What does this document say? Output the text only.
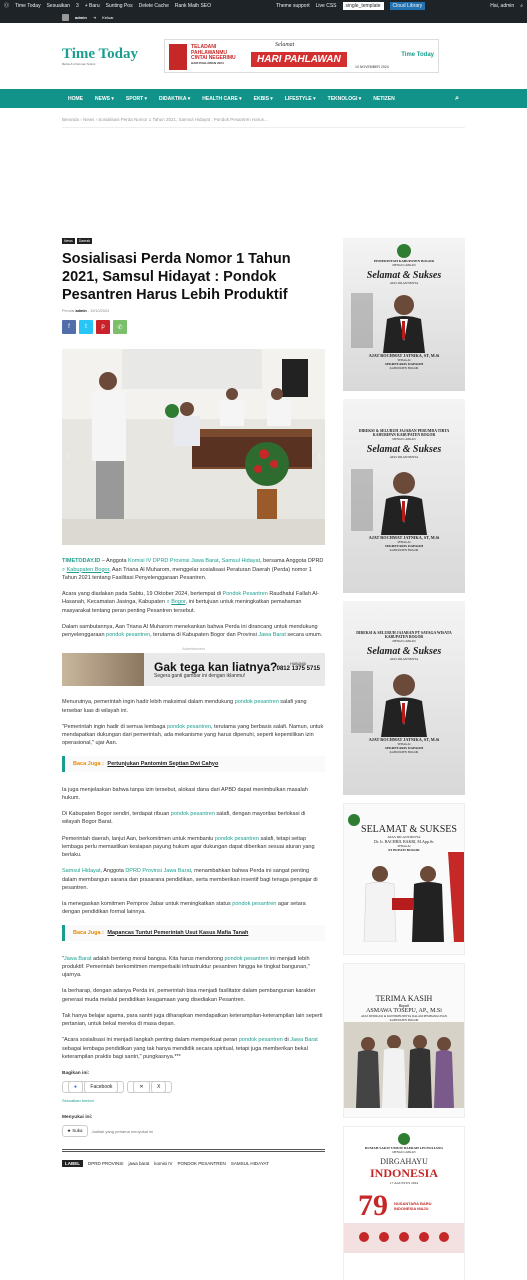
⓪ Time Today Sesuaikan 3 + Baru Sunting Pos Delete Cache Rank Math SEO	Theme support Live CSS	single_template	Cloud Library	Hai, admin ⌕
admin ⇥ Keluar
Time Today
Berita & Informasi Terkini
TELADANI PAHLAWANMU CINTAI NEGERIMU
HARI PAHLAWAN 2024
Selamat
HARI PAHLAWAN
10 NOVEMBER 2024
Time Today
HOME	NEWS ▾	SPORT ▾	DIDAKTIKA ▾	HEALTH CARE ▾	EKBIS ▾	LIFESTYLE ▾	TEKNOLOGI ▾	NETIZEN	⌕
Beranda › News › Sosialisasi Perda Nomor 1 Tahun 2021, Samsul Hidayat : Pondok Pesantren Harus...
News	Daerah
Sosialisasi Perda Nomor 1 Tahun 2021, Samsul Hidayat : Pondok Pesantren Harus Lebih Produktif
Penulis admin - 19/10/2024
f	t	p	✆
‹	›

TIMETODAY.ID – Anggota Komisi IV DPRD Provinsi Jawa Barat, Samsul Hidayat, bersama Anggota DPRD ⌕ Kabupaten Bogor, Aan Triana Al Muharom, menggelar sosialisasi Peraturan Daerah (Perda) nomor 1 Tahun 2021 tentang Fasilitasi Penyelenggaraan Pesantren.

Acara yang diadakan pada Sabtu, 19 Oktober 2024, bertempat di Pondok Pesantren Raudhatul Fallah Al-Hasanah, Kecamatan Jasinga, Kabupaten ⌕ Bogor, ini bertujuan untuk meningkatkan pemahaman masyarakat tentang peran penting Pesantren tersebut.

Dalam sambutannya, Aan Triana Al Muharom menekankan bahwa Perda ini dirancang untuk mendukung penyelenggaraan pondok pesantren, terutama di Kabupaten Bogor dan Provinsi Jawa Barat secara umum.

Advertisement
Gak tega kan liatnya?
Segera ganti gambar ini dengan iklanmu!
HUBUNGI
0812 1375 5715

Menurutnya, pemerintah ingin hadir lebih maksimal dalam mendukung pondok pesantren salafi yang tersebar luas di wilayah ini.

"Pemerintah ingin hadir di semua lembaga pondok pesantren, terutama yang berbasis salafi. Namun, untuk mendapatkan dukungan dari pemerintah, ada mekanisme yang harus dipenuhi, seperti kepemilikan izin operasional," ujar Aan.

Baca Juga : Pertunjukan Pantomim Septian Dwi Cahyo

Ia juga menjelaskan bahwa tanpa izin tersebut, alokasi dana dari APBD dapat menimbulkan masalah hukum.

Di Kabupaten Bogor sendiri, terdapat ribuan pondok pesantren salafi, dengan mayoritas berlokasi di wilayah Bogor Barat.

Pemerintah daerah, lanjut Aan, berkomitmen untuk membantu pondok pesantren salafi, tetapi setiap lembaga perlu memastikan kesiapan payung hukum agar dukungan dapat diberikan sesuai aturan yang berlaku.

Samsul Hidayat, Anggota DPRD Provinsi Jawa Barat, menambahkan bahwa Perda ini sangat penting dalam membangun sarana dan prasarana pendidikan, serta memberikan insentif bagi tenaga pengajar di pesantren.

Ia menegaskan komitmen Pemprov Jabar untuk meningkatkan status pondok pesantren agar setara dengan pendidikan formal lainnya.

Baca Juga : Mapancas Tuntut Pemerintah Usut Kasus Mafia Tanah

"Jawa Barat adalah benteng moral bangsa. Kita harus mendorong pondok pesantren ini menjadi lebih produktif. Pemerintah berkomitmen memperbaiki infrastruktur pesantren hingga ke tingkat bangunan," ujarnya.

Ia berharap, dengan adanya Perda ini, pemerintah bisa menjadi fasilitator dalam pembangunan karakter generasi muda melalui pendidikan keagamaan yang disediakan Pesantren.

Tak hanya belajar agama, para santri juga diharapkan mendapatkan keterampilan-keterampilan lain seperti pertanian, untuk bekal mereka di masa depan.

"Acara sosialisasi ini menjadi langkah penting dalam memperkuat peran pondok pesantren di Jawa Barat sebagai lembaga pendidikan yang tak hanya mendidik secara spiritual, tetapi juga memberikan bekal keterampilan praktis bagi santri," pungkasnya.***

Bagikan ini:
●	Facebook	✕	X
Sesuaikan tombol
Menyukai ini:
★ Suka	Jadilah yang pertama menyukai ini
LABEL	DPRD PROVINSI jawa barat komisi IV PONDOK PESANTREN SAMSUL HIDAYAT
PEMERINTAH KABUPATEN BOGOR
MENGUCAPKAN
Selamat & Sukses
ATAS DILANTIKNYA
AJAT ROCHMAT JATNIKA, ST, M.Si
SEBAGAI
SEKRETARIS DAERAH
KABUPATEN BOGOR
DIREKSI & SELURUH JAJARAN PERUMDA TIRTA KAHURIPAN KABUPATEN BOGOR
MENGUCAPKAN
Selamat & Sukses
ATAS DILANTIKNYA
AJAT ROCHMAT JATNIKA, ST, M.Si
SEBAGAI
SEKRETARIS DAERAH
KABUPATEN BOGOR
DIREKSI & SELURUH JAJARAN PT SAYAGA WISATA KABUPATEN BOGOR
MENGUCAPKAN
Selamat & Sukses
ATAS DILANTIKNYA
AJAT ROCHMAT JATNIKA, ST, M.Si
SEBAGAI
SEKRETARIS DAERAH
KABUPATEN BOGOR
SELAMAT & SUKSES
ATAS DILANTIKNYA
Dr. Ir. BACHRIL BAKRI, M.App.Sc
SEBAGAI
PJ BUPATI BOGOR
TERIMA KASIH
Bapak
ASMAWA TOSEPU, AP., M.Si
ATAS DEDIKASI & KONTRIBUSINYA DALAM PEMBANGUNAN KABUPATEN BOGOR
RUMAH SAKIT UMUM DAERAH LEUWILIANG
MENGUCAPKAN
DIRGAHAYU
INDONESIA
17 AGUSTUS 2024
79 NUSANTARA BARU INDONESIA MAJU
